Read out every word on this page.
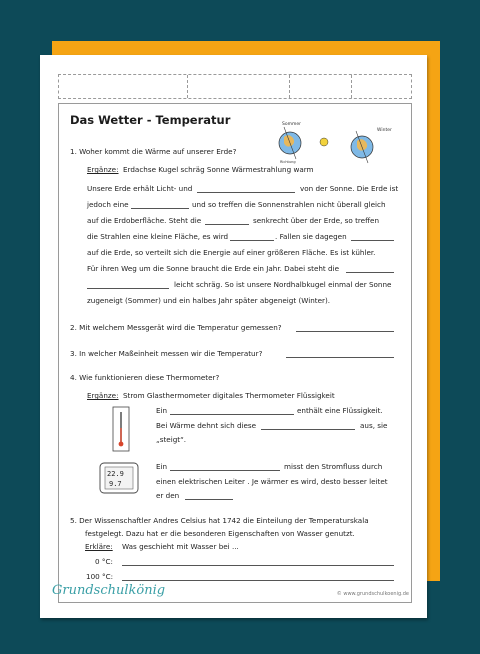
Das Wetter - Temperatur	Sommer
Winter
Richtung
1. Woher kommt die Wärme auf unserer Erde?
Ergänze: Erdachse Kugel schräg Sonne Wärmestrahlung warm
Unsere Erde erhält Licht- und	von der Sonne. Die Erde ist
jedoch eine	und so treffen die Sonnenstrahlen nicht überall gleich
auf die Erdoberfläche. Steht die	senkrecht über der Erde, so treffen
die Strahlen eine kleine Fläche, es wird	. Fallen sie dagegen
auf die Erde, so verteilt sich die Energie auf einer größeren Fläche. Es ist kühler.
Für ihren Weg um die Sonne braucht die Erde ein Jahr. Dabei steht die
leicht schräg. So ist unsere Nordhalbkugel einmal der Sonne
zugeneigt (Sommer) und ein halbes Jahr später abgeneigt (Winter).
2. Mit welchem Messgerät wird die Temperatur gemessen?
3. In welcher Maßeinheit messen wir die Temperatur?
4. Wie funktionieren diese Thermometer?
Ergänze: Strom Glasthermometer digitales Thermometer Flüssigkeit
Ein	enthält eine Flüssigkeit.
Bei Wärme dehnt sich diese	aus, sie
„steigt“.
22.9
9.7
Ein	misst den Stromfluss durch
einen elektrischen Leiter . Je wärmer es wird, desto besser leitet
er den
5. Der Wissenschaftler Andres Celsius hat 1742 die Einteilung der Temperaturskala
festgelegt. Dazu hat er die besonderen Eigenschaften von Wasser genutzt.
Erkläre: Was geschieht mit Wasser bei ...
0 °C:
100 °C:
Grundschulkönig	© www.grundschulkoenig.de
